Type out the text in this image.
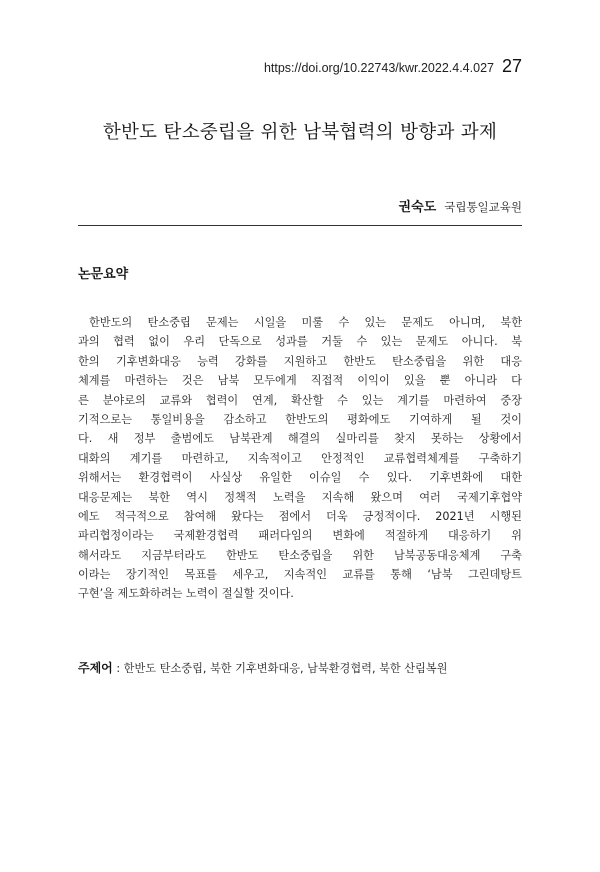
https://doi.org/10.22743/kwr.2022.4.4.027 27
한반도 탄소중립을 위한 남북협력의 방향과 과제
권숙도 국립통일교육원
논문요약
한반도의 탄소중립 문제는 시일을 미룰 수 있는 문제도 아니며, 북한
과의 협력 없이 우리 단독으로 성과를 거둘 수 있는 문제도 아니다. 북
한의 기후변화대응 능력 강화를 지원하고 한반도 탄소중립을 위한 대응
체계를 마련하는 것은 남북 모두에게 직접적 이익이 있을 뿐 아니라 다
른 분야로의 교류와 협력이 연계, 확산할 수 있는 계기를 마련하여 중장
기적으로는 통일비용을 감소하고 한반도의 평화에도 기여하게 될 것이
다. 새 정부 출범에도 남북관계 해결의 실마리를 찾지 못하는 상황에서
대화의 계기를 마련하고, 지속적이고 안정적인 교류협력체계를 구축하기
위해서는 환경협력이 사실상 유일한 이슈일 수 있다. 기후변화에 대한
대응문제는 북한 역시 정책적 노력을 지속해 왔으며 여러 국제기후협약
에도 적극적으로 참여해 왔다는 점에서 더욱 긍정적이다. 2021년 시행된
파리협정이라는 국제환경협력 패러다임의 변화에 적절하게 대응하기 위
해서라도 지금부터라도 한반도 탄소중립을 위한 남북공동대응체계 구축
이라는 장기적인 목표를 세우고, 지속적인 교류를 통해 ‘남북 그린데탕트
구현’을 제도화하려는 노력이 절실할 것이다.
주제어 : 한반도 탄소중립, 북한 기후변화대응, 남북환경협력, 북한 산림복원
